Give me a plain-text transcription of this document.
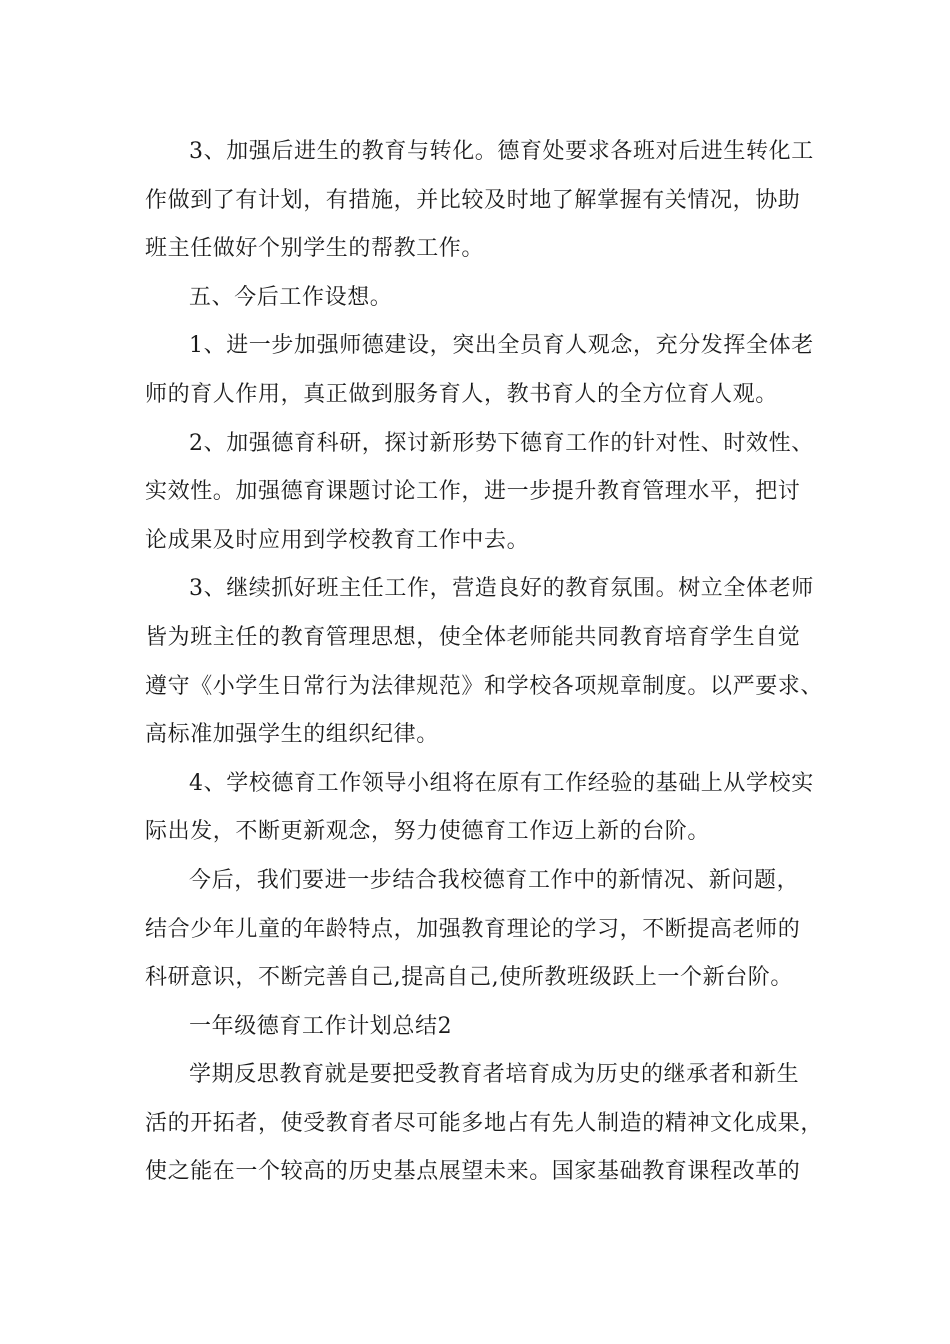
3、加强后进生的教育与转化。德育处要求各班对后进生转化工
作做到了有计划，有措施，并比较及时地了解掌握有关情况，协助
班主任做好个别学生的帮教工作。
五、今后工作设想。
1、进一步加强师德建设，突出全员育人观念，充分发挥全体老
师的育人作用，真正做到服务育人，教书育人的全方位育人观。
2、加强德育科研，探讨新形势下德育工作的针对性、时效性、
实效性。加强德育课题讨论工作，进一步提升教育管理水平，把讨
论成果及时应用到学校教育工作中去。
3、继续抓好班主任工作，营造良好的教育氛围。树立全体老师
皆为班主任的教育管理思想，使全体老师能共同教育培育学生自觉
遵守《小学生日常行为法律规范》和学校各项规章制度。以严要求、
高标准加强学生的组织纪律。
4、学校德育工作领导小组将在原有工作经验的基础上从学校实
际出发，不断更新观念，努力使德育工作迈上新的台阶。
今后，我们要进一步结合我校德育工作中的新情况、新问题，
结合少年儿童的年龄特点，加强教育理论的学习，不断提高老师的
科研意识，不断完善自己,提高自己,使所教班级跃上一个新台阶。
一年级德育工作计划总结2
学期反思教育就是要把受教育者培育成为历史的继承者和新生
活的开拓者，使受教育者尽可能多地占有先人制造的精神文化成果，
使之能在一个较高的历史基点展望未来。国家基础教育课程改革的
